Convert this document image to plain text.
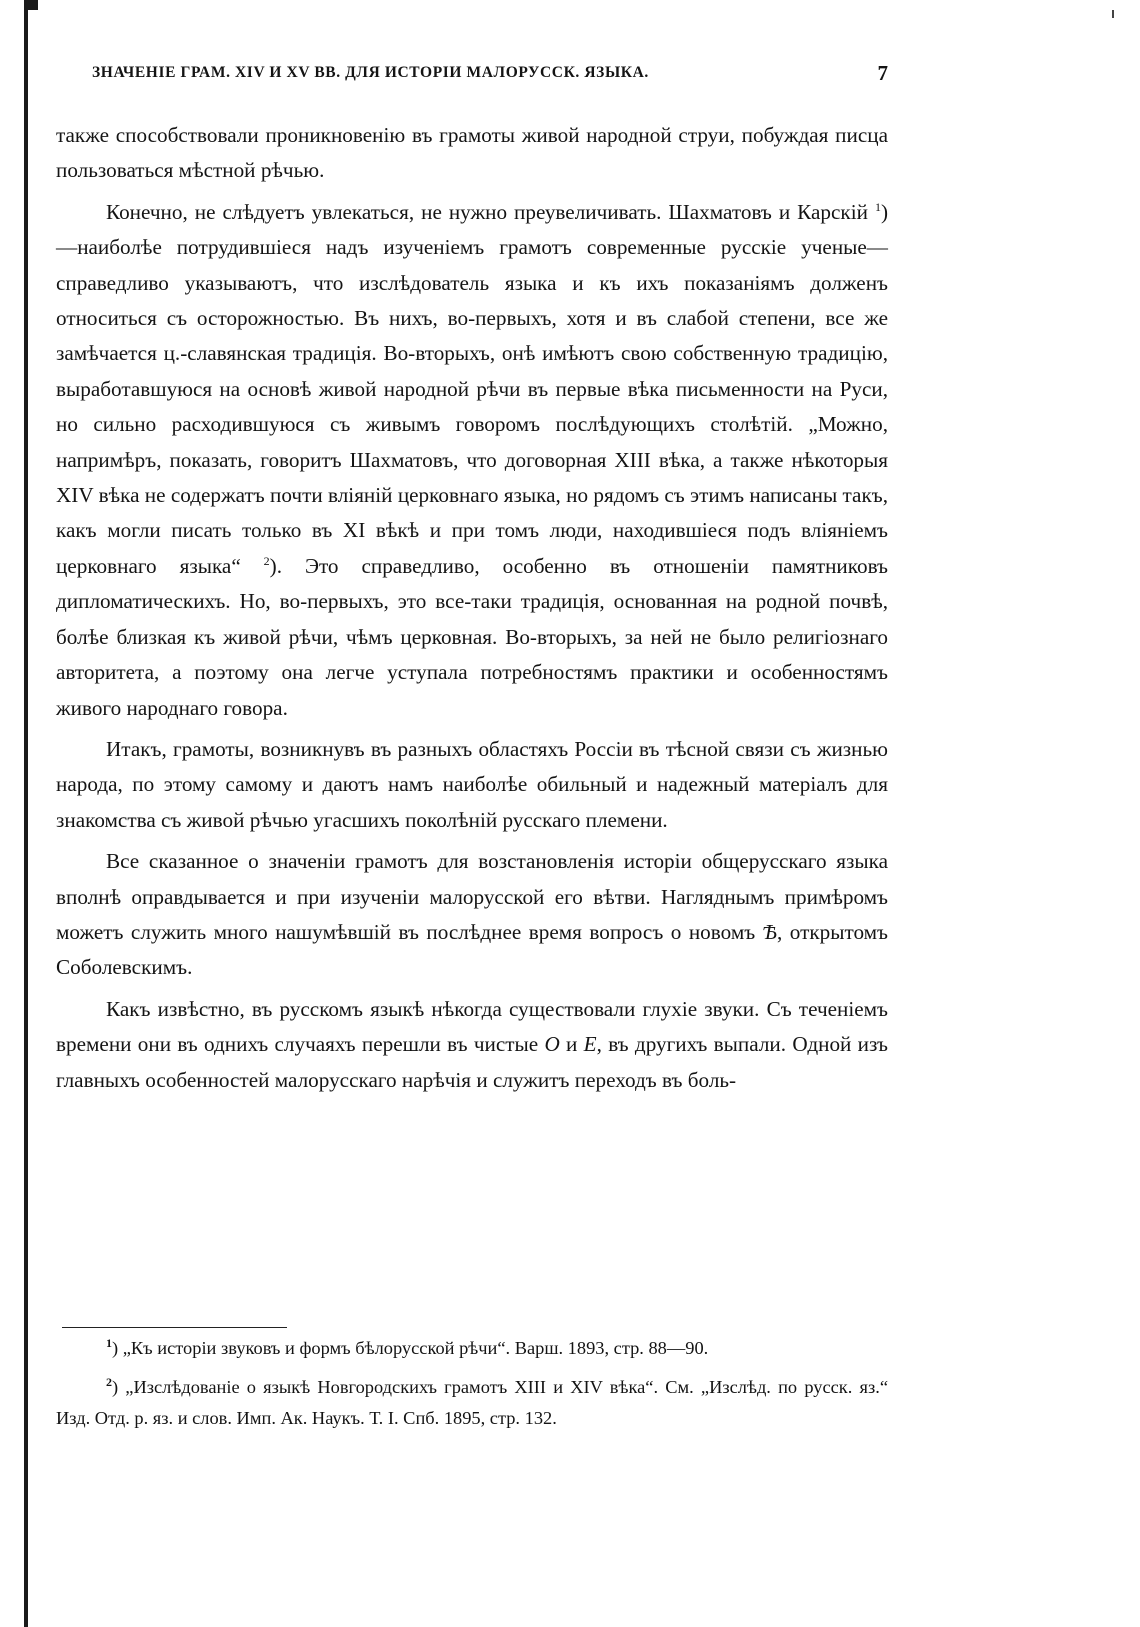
ЗНАЧЕНІЕ ГРАМ. XIV И XV ВВ. ДЛЯ ИСТОРІИ МАЛОРУССК. ЯЗЫКА.	7

также способствовали проникновенію въ грамоты живой народной струи, побуждая писца пользоваться мѣстной рѣчью.

Конечно, не слѣдуетъ увлекаться, не нужно преувеличивать. Шахматовъ и Карскій $^1$)—наиболѣе потрудившіеся надъ изученіемъ грамотъ современные русскіе ученые—справедливо указываютъ, что изслѣдователь языка и къ ихъ показаніямъ долженъ относиться съ осторожностью. Въ нихъ, во-первыхъ, хотя и въ слабой степени, все же замѣчается ц.-славянская традиція. Во-вторыхъ, онѣ имѣютъ свою собственную традицію, выработавшуюся на основѣ живой народной рѣчи въ первые вѣка письменности на Руси, но сильно расходившуюся съ живымъ говоромъ послѣдующихъ столѣтій. „Можно, напримѣръ, показать, говоритъ Шахматовъ, что договорная XIII вѣка, а также нѣкоторыя XIV вѣка не содержатъ почти вліяній церковнаго языка, но рядомъ съ этимъ написаны такъ, какъ могли писать только въ XI вѣкѣ и при томъ люди, находившіеся подъ вліяніемъ церковнаго языка“ $^2$). Это справедливо, особенно въ отношеніи памятниковъ дипломатическихъ. Но, во-первыхъ, это все-таки традиція, основанная на родной почвѣ, болѣе близкая къ живой рѣчи, чѣмъ церковная. Во-вторыхъ, за ней не было религіознаго авторитета, а поэтому она легче уступала потребностямъ практики и особенностямъ живого народнаго говора.

Итакъ, грамоты, возникнувъ въ разныхъ областяхъ Россіи въ тѣсной связи съ жизнью народа, по этому самому и даютъ намъ наиболѣе обильный и надежный матеріалъ для знакомства съ живой рѣчью угасшихъ поколѣній русскаго племени.

Все сказанное о значеніи грамотъ для возстановленія исторіи общерусскаго языка вполнѣ оправдывается и при изученіи малорусской его вѣтви. Нагляднымъ примѣромъ можетъ служить много нашумѣвшій въ послѣднее время вопросъ о новомъ Ѣ, открытомъ Соболевскимъ.

Какъ извѣстно, въ русскомъ языкѣ нѣкогда существовали глухіе звуки. Съ теченіемъ времени они въ однихъ случаяхъ перешли въ чистые О и Е, въ другихъ выпали. Одной изъ главныхъ особенностей малорусскаго нарѣчія и служитъ переходъ въ боль-

$^1$) „Къ исторіи звуковъ и формъ бѣлорусской рѣчи“. Варш. 1893, стр. 88—90.

$^2$) „Изслѣдованіе о языкѣ Новгородскихъ грамотъ XIII и XIV вѣка“. См. „Изслѣд. по русск. яз.“ Изд. Отд. р. яз. и слов. Имп. Ак. Наукъ. Т. I. Спб. 1895, стр. 132.
